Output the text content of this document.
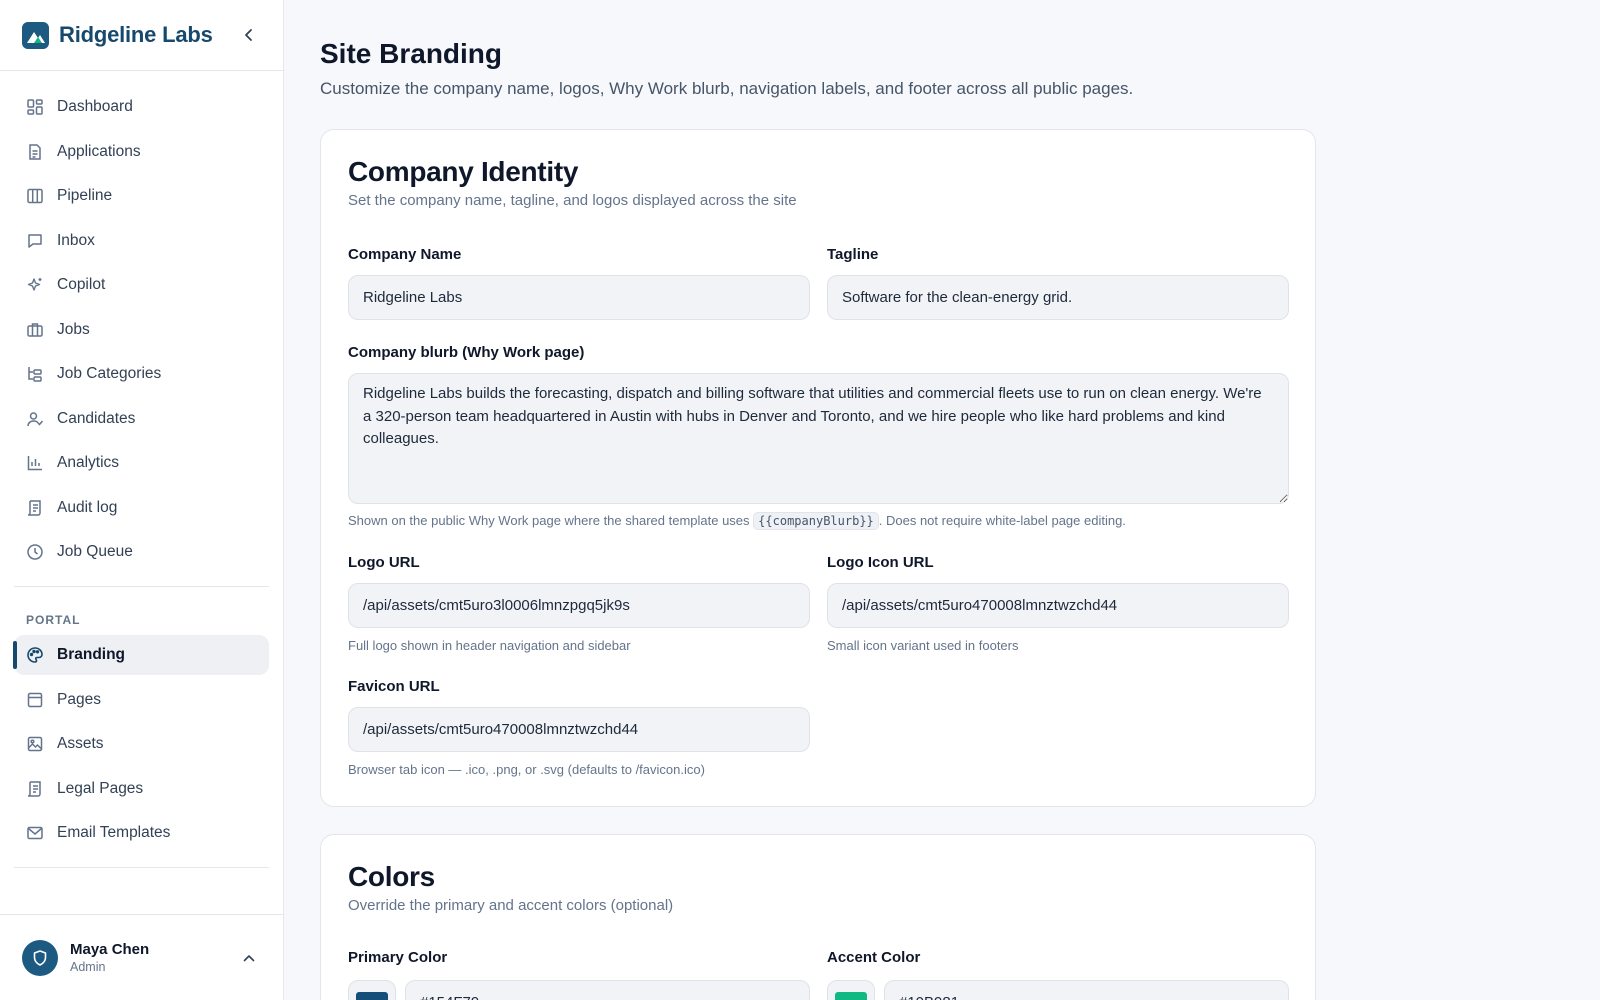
Ridgeline Labs
Dashboard
Applications
Pipeline
Inbox
Copilot
Jobs
Job Categories
Candidates
Analytics
Audit log
Job Queue
PORTAL
Branding
Pages
Assets
Legal Pages
Email Templates
Maya Chen
Admin
Site Branding

Customize the company name, logos, Why Work blurb, navigation labels, and footer across all public pages.

Company Identity

Set the company name, tagline, and logos displayed across the site

Company Name
Ridgeline Labs	Tagline
Software for the clean-energy grid.
Company blurb (Why Work page)
Ridgeline Labs builds the forecasting, dispatch and billing software that utilities and commercial fleets use to run on clean energy. We're a 320-person team headquartered in Austin with hubs in Denver and Toronto, and we hire people who like hard problems and kind colleagues.

Shown on the public Why Work page where the shared template uses {{companyBlurb}} . Does not require white-label page editing.

Logo URL
/api/assets/cmt5uro3l0006lmnzpgq5jk9s

Full logo shown in header navigation and sidebar

Logo Icon URL
/api/assets/cmt5uro470008lmnztwzchd44

Small icon variant used in footers

Favicon URL
/api/assets/cmt5uro470008lmnztwzchd44

Browser tab icon — .ico, .png, or .svg (defaults to /favicon.ico)

Colors

Override the primary and accent colors (optional)

Primary Color
#154F79	Accent Color
#10B981
